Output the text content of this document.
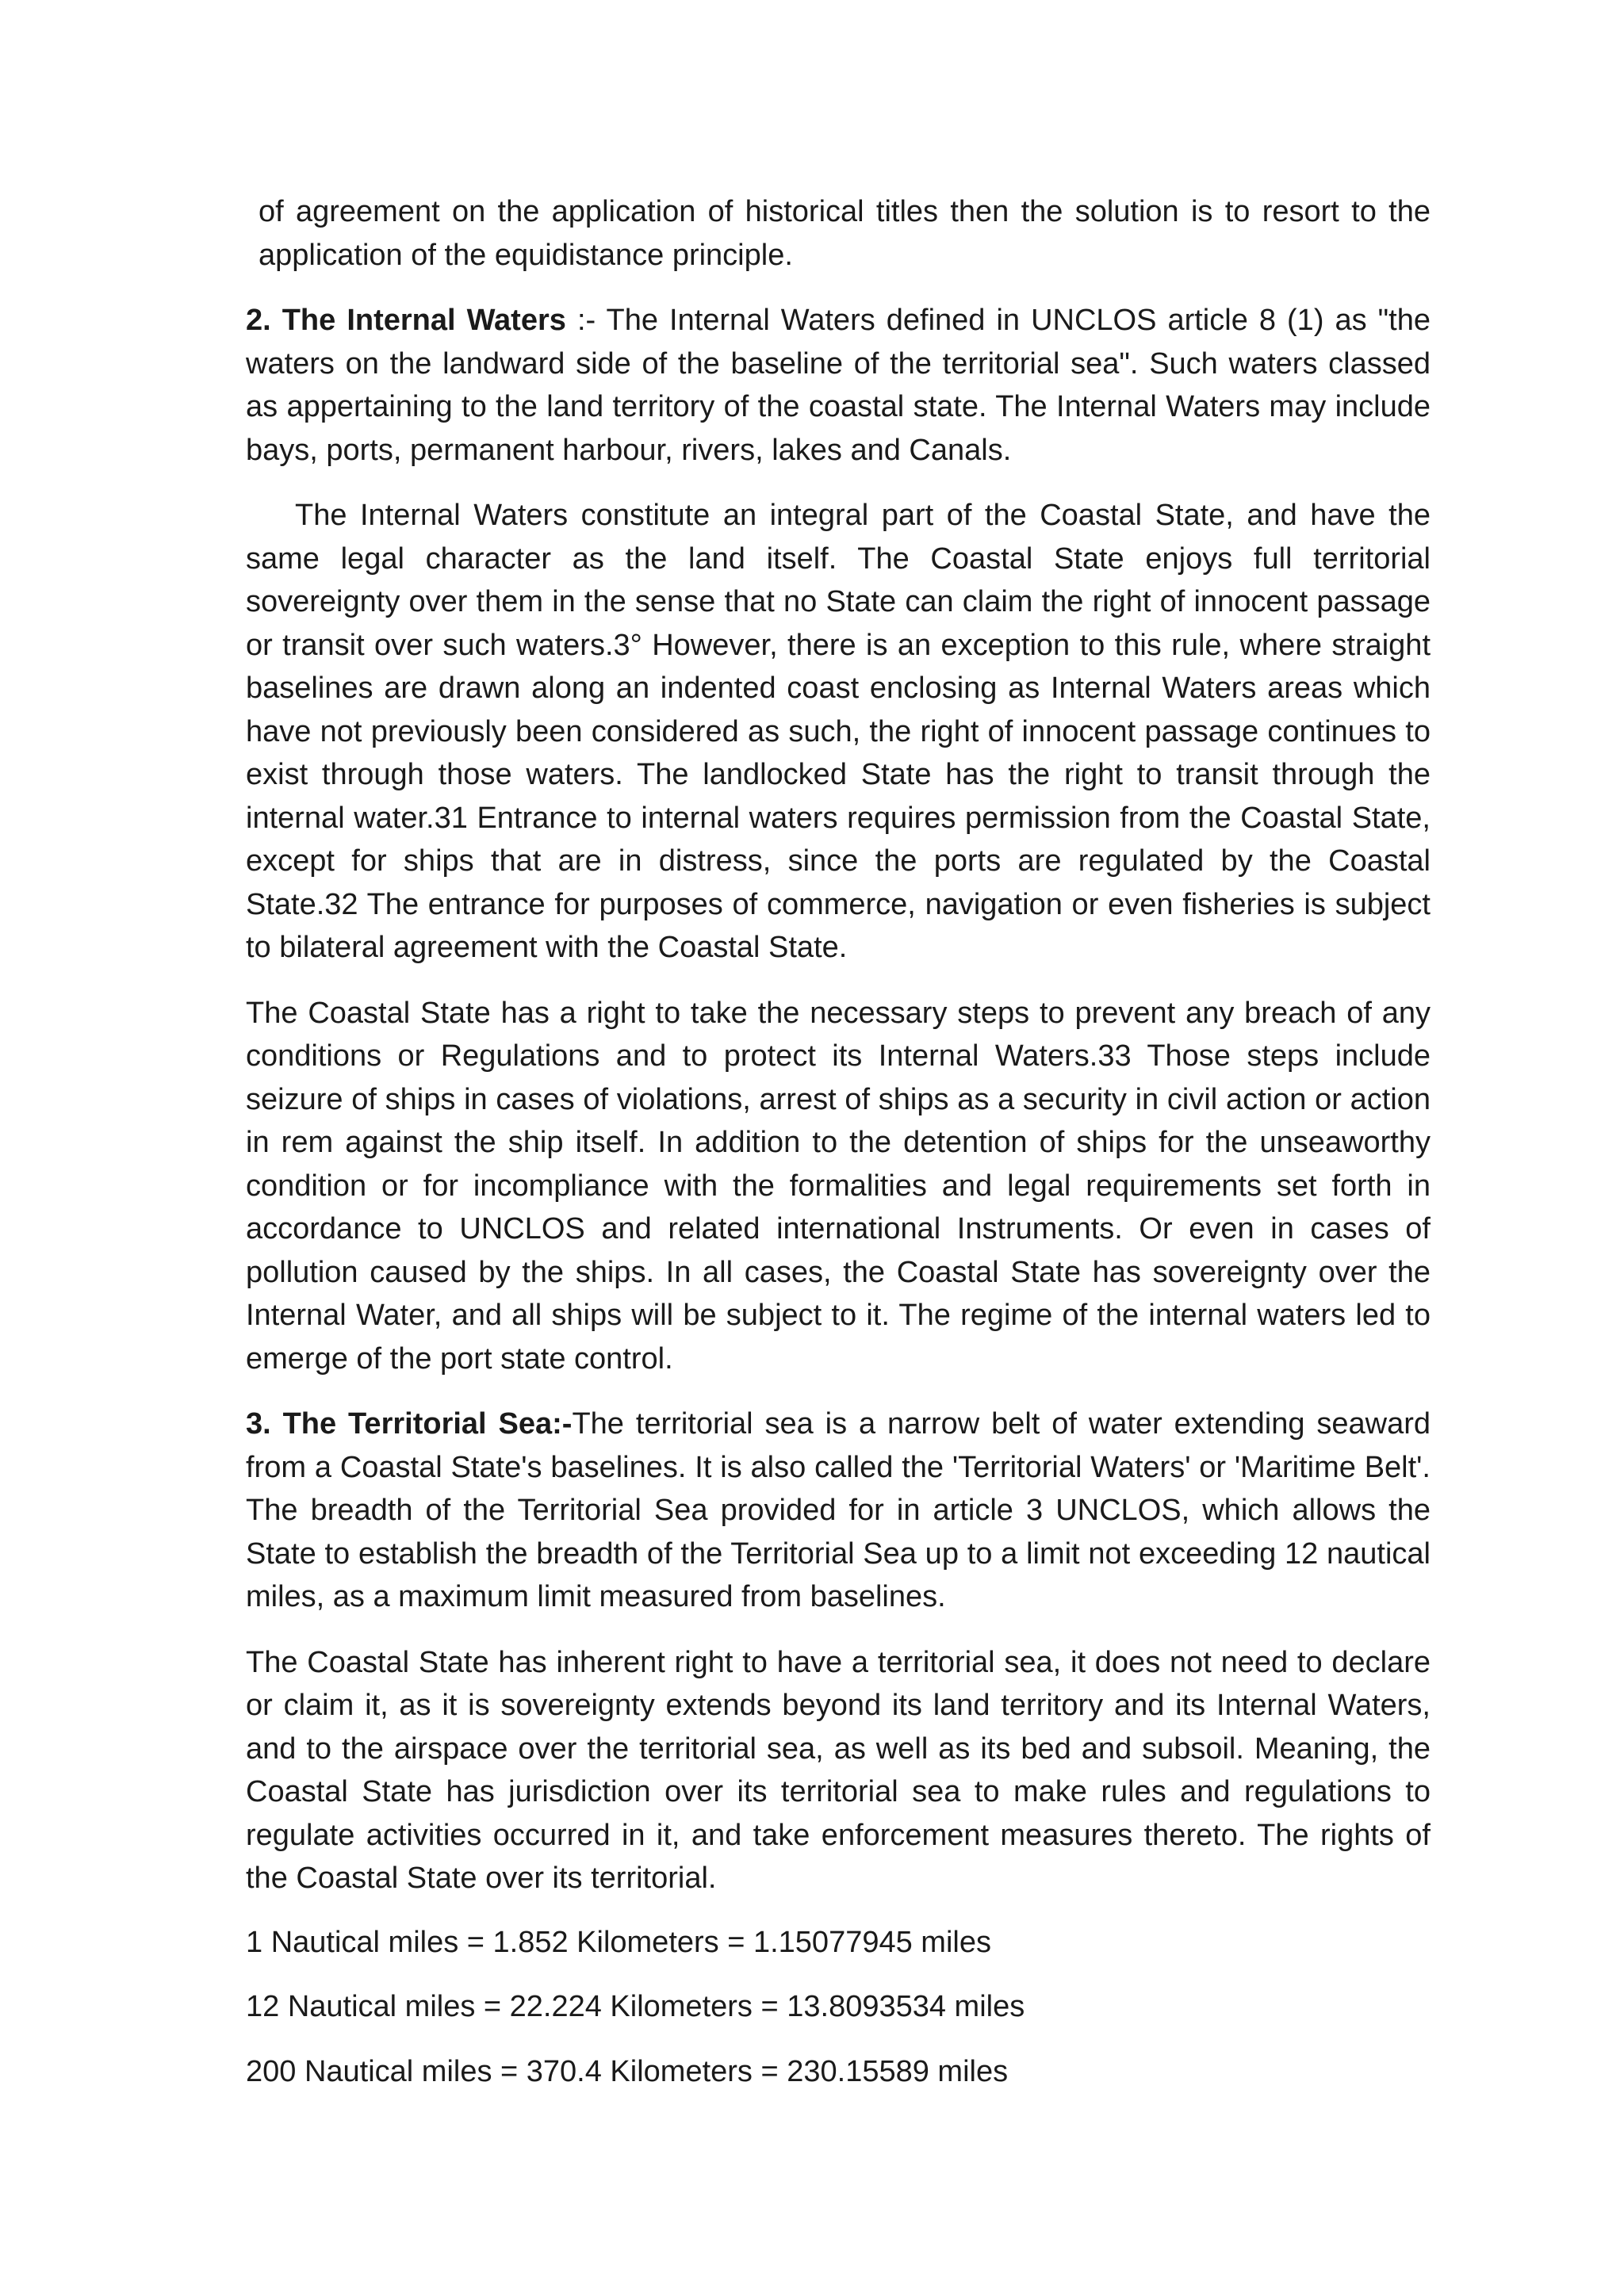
of agreement on the application of historical titles then the solution is to resort to the application of the equidistance principle.

2. The Internal Waters :- The Internal Waters defined in UNCLOS article 8 (1) as "the waters on the landward side of the baseline of the territorial sea". Such waters classed as appertaining to the land territory of the coastal state. The Internal Waters may include bays, ports, permanent harbour, rivers, lakes and Canals.

The Internal Waters constitute an integral part of the Coastal State, and have the same legal character as the land itself. The Coastal State enjoys full territorial sovereignty over them in the sense that no State can claim the right of innocent passage or transit over such waters.3° However, there is an exception to this rule, where straight baselines are drawn along an indented coast enclosing as Internal Waters areas which have not previously been considered as such, the right of innocent passage continues to exist through those waters. The landlocked State has the right to transit through the internal water.31 Entrance to internal waters requires permission from the Coastal State, except for ships that are in distress, since the ports are regulated by the Coastal State.32 The entrance for purposes of commerce, navigation or even fisheries is subject to bilateral agreement with the Coastal State.

The Coastal State has a right to take the necessary steps to prevent any breach of any conditions or Regulations and to protect its Internal Waters.33 Those steps include seizure of ships in cases of violations, arrest of ships as a security in civil action or action in rem against the ship itself. In addition to the detention of ships for the unseaworthy condition or for incompliance with the formalities and legal requirements set forth in accordance to UNCLOS and related international Instruments. Or even in cases of pollution caused by the ships. In all cases, the Coastal State has sovereignty over the Internal Water, and all ships will be subject to it. The regime of the internal waters led to emerge of the port state control.

3. The Territorial Sea:-The territorial sea is a narrow belt of water extending seaward from a Coastal State's baselines. It is also called the 'Territorial Waters' or 'Maritime Belt'. The breadth of the Territorial Sea provided for in article 3 UNCLOS, which allows the State to establish the breadth of the Territorial Sea up to a limit not exceeding 12 nautical miles, as a maximum limit measured from baselines.

The Coastal State has inherent right to have a territorial sea, it does not need to declare or claim it, as it is sovereignty extends beyond its land territory and its Internal Waters, and to the airspace over the territorial sea, as well as its bed and subsoil. Meaning, the Coastal State has jurisdiction over its territorial sea to make rules and regulations to regulate activities occurred in it, and take enforcement measures thereto. The rights of the Coastal State over its territorial.

1 Nautical miles = 1.852 Kilometers = 1.15077945 miles

12 Nautical miles = 22.224 Kilometers = 13.8093534 miles

200 Nautical miles = 370.4 Kilometers = 230.15589 miles
